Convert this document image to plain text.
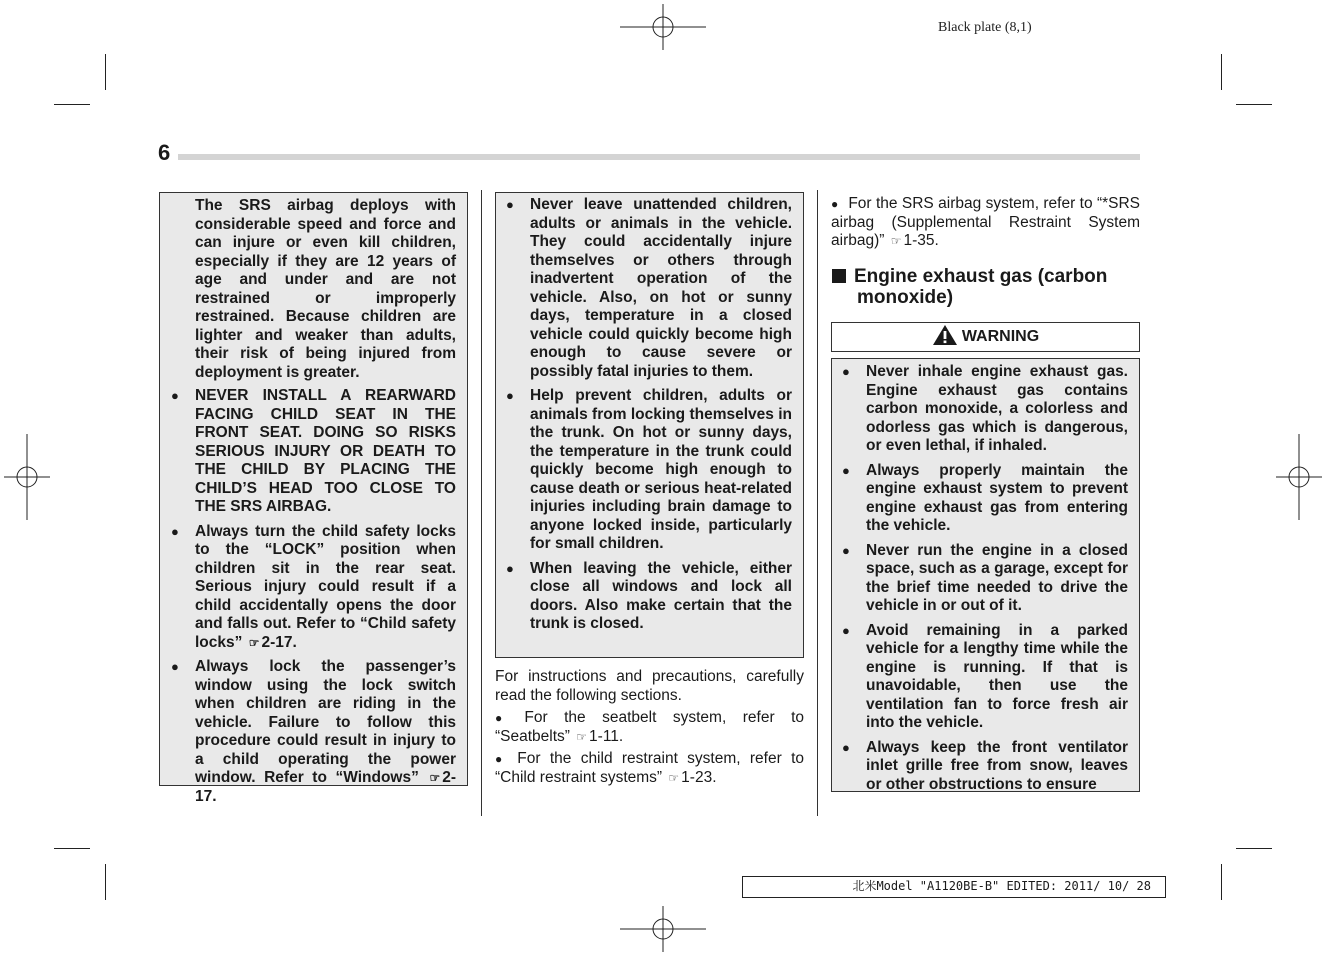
Black plate (8,1)
6

The SRS airbag deploys with considerable speed and force and can injure or even kill children, especially if they are 12 years of age and under and are not restrained or improperly restrained. Because children are lighter and weaker than adults, their risk of being injured from deployment is greater.

● NEVER INSTALL A REARWARD FACING CHILD SEAT IN THE FRONT SEAT. DOING SO RISKS SERIOUS INJURY OR DEATH TO THE CHILD BY PLACING THE CHILD’S HEAD TOO CLOSE TO THE SRS AIRBAG.
● Always turn the child safety locks to the “LOCK” position when children sit in the rear seat. Serious injury could result if a child accidentally opens the door and falls out. Refer to “Child safety locks” ☞ 2-17.
● Always lock the passenger’s window using the lock switch when children are riding in the vehicle. Failure to follow this procedure could result in injury to a child operating the power window. Refer to “Windows” ☞ 2-17.
● Never leave unattended children, adults or animals in the vehicle. They could accidentally injure themselves or others through inadvertent operation of the vehicle. Also, on hot or sunny days, temperature in a closed vehicle could quickly become high enough to cause severe or possibly fatal injuries to them.
● Help prevent children, adults or animals from locking themselves in the trunk. On hot or sunny days, the temperature in the trunk could quickly become high enough to cause death or serious heat-related injuries including brain damage to anyone locked inside, particularly for small children.
● When leaving the vehicle, either close all windows and lock all doors. Also make certain that the trunk is closed.

For instructions and precautions, carefully read the following sections.

● For the seatbelt system, refer to “Seatbelts” ☞ 1-11.

● For the child restraint system, refer to “Child restraint systems” ☞ 1-23.

● For the SRS airbag system, refer to “*SRS airbag (Supplemental Restraint System airbag)” ☞ 1-35.

Engine exhaust gas (carbon
monoxide)
WARNING
● Never inhale engine exhaust gas. Engine exhaust gas contains carbon monoxide, a colorless and odorless gas which is dangerous, or even lethal, if inhaled.
● Always properly maintain the engine exhaust system to prevent engine exhaust gas from entering the vehicle.
● Never run the engine in a closed space, such as a garage, except for the brief time needed to drive the vehicle in or out of it.
● Avoid remaining in a parked vehicle for a lengthy time while the engine is running. If that is unavoidable, then use the ventilation fan to force fresh air into the vehicle.
● Always keep the front ventilator inlet grille free from snow, leaves or other obstructions to ensure
北米Model "A1120BE-B" EDITED: 2011/ 10/ 28
